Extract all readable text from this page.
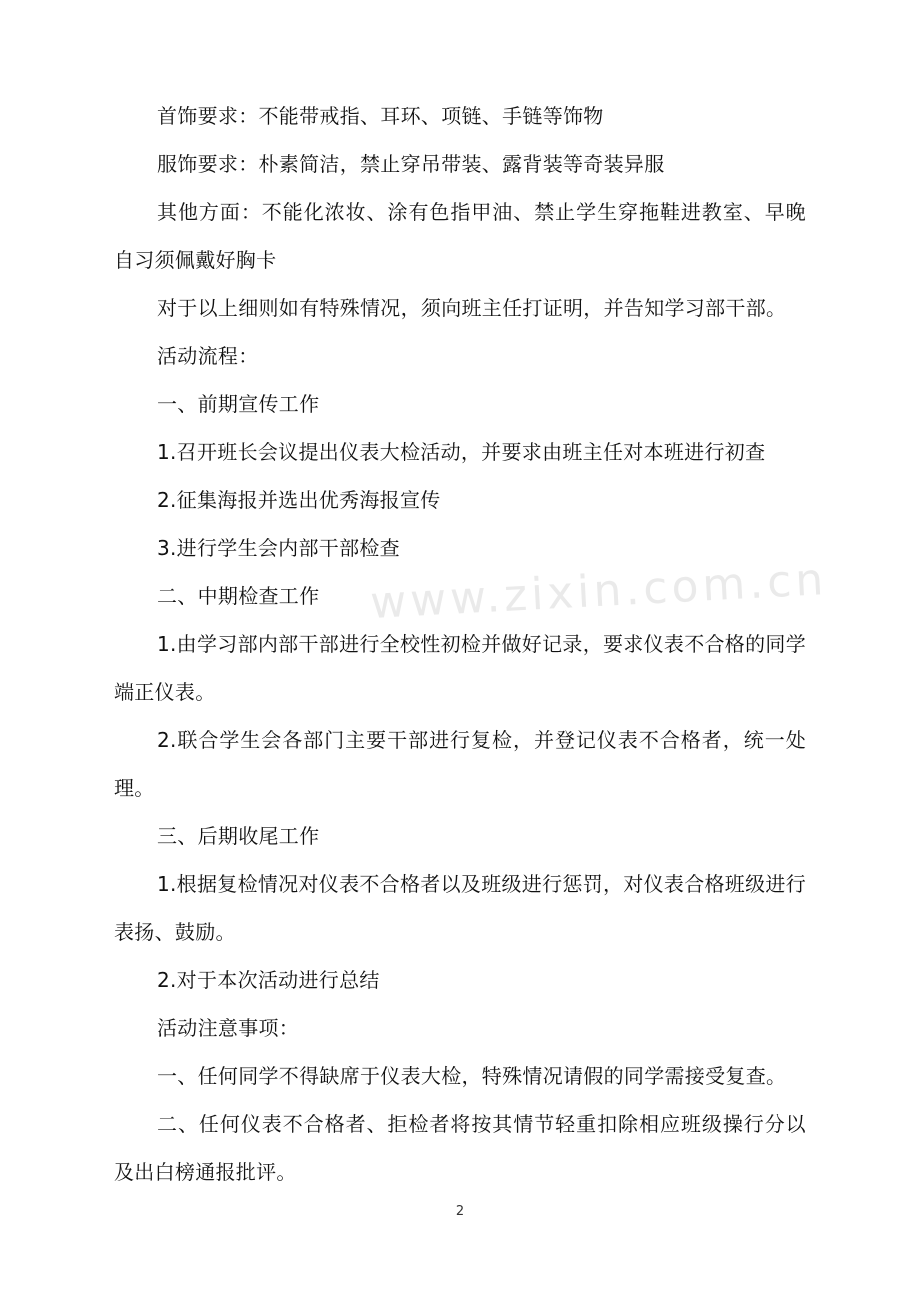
www.zixin.com.cn

首饰要求：不能带戒指、耳环、项链、手链等饰物

服饰要求：朴素简洁，禁止穿吊带装、露背装等奇装异服

其他方面：不能化浓妆、涂有色指甲油、禁止学生穿拖鞋进教室、早晚自习须佩戴好胸卡

对于以上细则如有特殊情况，须向班主任打证明，并告知学习部干部。

活动流程：

一、前期宣传工作

1.召开班长会议提出仪表大检活动，并要求由班主任对本班进行初查

2.征集海报并选出优秀海报宣传

3.进行学生会内部干部检查

二、中期检查工作

1.由学习部内部干部进行全校性初检并做好记录，要求仪表不合格的同学端正仪表。

2.联合学生会各部门主要干部进行复检，并登记仪表不合格者，统一处理。

三、后期收尾工作

1.根据复检情况对仪表不合格者以及班级进行惩罚，对仪表合格班级进行表扬、鼓励。

2.对于本次活动进行总结

活动注意事项：

一、任何同学不得缺席于仪表大检，特殊情况请假的同学需接受复查。

二、任何仪表不合格者、拒检者将按其情节轻重扣除相应班级操行分以及出白榜通报批评。

2
